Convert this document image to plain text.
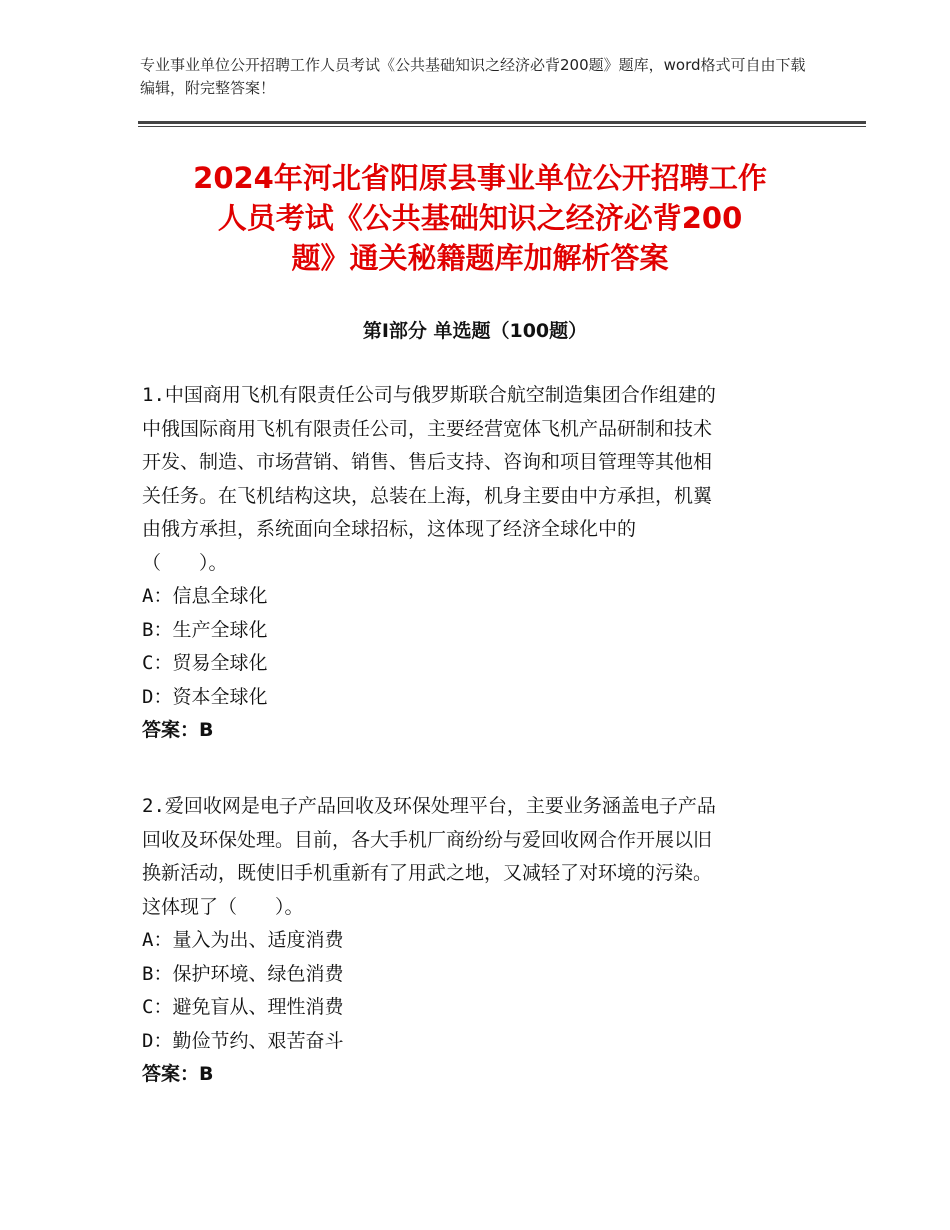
专业事业单位公开招聘工作人员考试《公共基础知识之经济必背200题》题库，word格式可自由下载编辑，附完整答案！
2024年河北省阳原县事业单位公开招聘工作
人员考试《公共基础知识之经济必背200
题》通关秘籍题库加解析答案
第Ⅰ部分 单选题（100题）

1.中国商用飞机有限责任公司与俄罗斯联合航空制造集团合作组建的

中俄国际商用飞机有限责任公司，主要经营宽体飞机产品研制和技术

开发、制造、市场营销、销售、售后支持、咨询和项目管理等其他相

关任务。在飞机结构这块，总装在上海，机身主要由中方承担，机翼

由俄方承担，系统面向全球招标，这体现了经济全球化中的

（　　）。

A：信息全球化

B：生产全球化

C：贸易全球化

D：资本全球化

答案：B

2.爱回收网是电子产品回收及环保处理平台，主要业务涵盖电子产品

回收及环保处理。目前，各大手机厂商纷纷与爱回收网合作开展以旧

换新活动，既使旧手机重新有了用武之地，又减轻了对环境的污染。

这体现了（　　）。

A：量入为出、适度消费

B：保护环境、绿色消费

C：避免盲从、理性消费

D：勤俭节约、艰苦奋斗

答案：B
